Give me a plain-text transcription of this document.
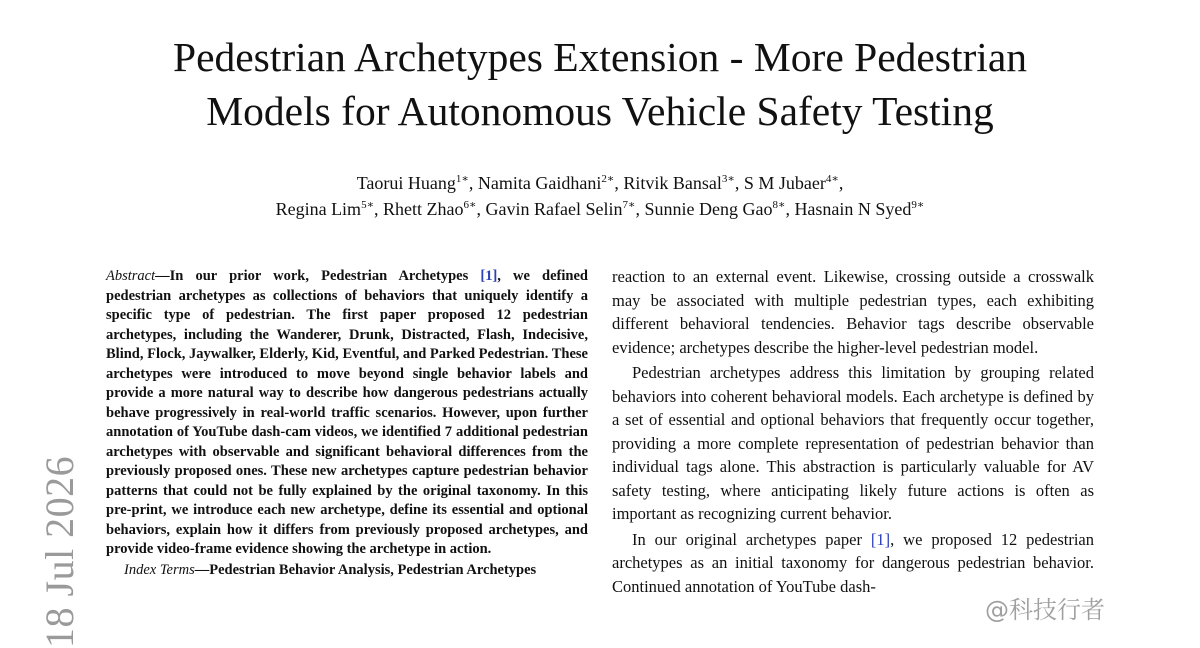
Pedestrian Archetypes Extension - More Pedestrian
Models for Autonomous Vehicle Safety Testing
Taorui Huang$^{1∗}$, Namita Gaidhani$^{2∗}$, Ritvik Bansal$^{3∗}$, S M Jubaer$^{4∗}$,
Regina Lim$^{5∗}$, Rhett Zhao$^{6∗}$, Gavin Rafael Selin$^{7∗}$, Sunnie Deng Gao$^{8∗}$, Hasnain N Syed$^{9∗}$
18 Jul 2026

Abstract—In our prior work, Pedestrian Archetypes [1], we defined pedestrian archetypes as collections of behaviors that uniquely identify a specific type of pedestrian. The first paper proposed 12 pedestrian archetypes, including the Wanderer, Drunk, Distracted, Flash, Indecisive, Blind, Flock, Jaywalker, Elderly, Kid, Eventful, and Parked Pedestrian. These archetypes were introduced to move beyond single behavior labels and provide a more natural way to describe how dangerous pedestrians actually behave progressively in real-world traffic scenarios. However, upon further annotation of YouTube dash-cam videos, we identified 7 additional pedestrian archetypes with observable and significant behavioral differences from the previously proposed ones. These new archetypes capture pedestrian behavior patterns that could not be fully explained by the original taxonomy. In this pre-print, we introduce each new archetype, define its essential and optional behaviors, explain how it differs from previously proposed archetypes, and provide video-frame evidence showing the archetype in action.

Index Terms—Pedestrian Behavior Analysis, Pedestrian Archetypes

reaction to an external event. Likewise, crossing outside a crosswalk may be associated with multiple pedestrian types, each exhibiting different behavioral tendencies. Behavior tags describe observable evidence; archetypes describe the higher-level pedestrian model.

Pedestrian archetypes address this limitation by grouping related behaviors into coherent behavioral models. Each archetype is defined by a set of essential and optional behaviors that frequently occur together, providing a more complete representation of pedestrian behavior than individual tags alone. This abstraction is particularly valuable for AV safety testing, where anticipating likely future actions is often as important as recognizing current behavior.

In our original archetypes paper [1], we proposed 12 pedestrian archetypes as an initial taxonomy for dangerous pedestrian behavior. Continued annotation of YouTube dash-

@科技行者
